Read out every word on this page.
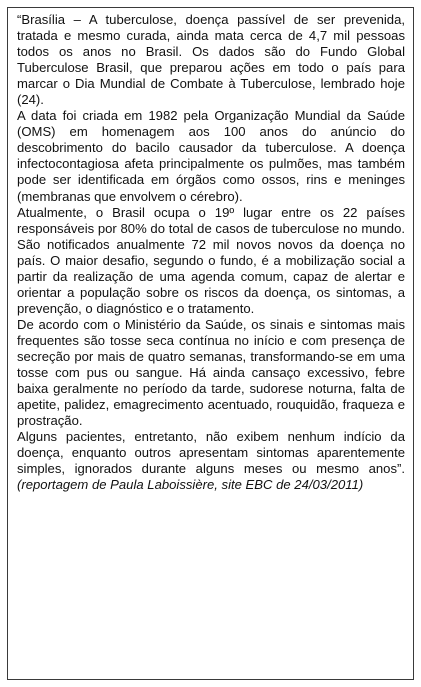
“Brasília – A tuberculose, doença passível de ser prevenida, tratada e mesmo curada, ainda mata cerca de 4,7 mil pessoas todos os anos no Brasil. Os dados são do Fundo Global Tuberculose Brasil, que preparou ações em todo o país para marcar o Dia Mundial de Combate à Tuberculose, lembrado hoje (24).

A data foi criada em 1982 pela Organização Mundial da Saúde (OMS) em homenagem aos 100 anos do anúncio do descobrimento do bacilo causador da tuberculose. A doença infectocontagiosa afeta principalmente os pulmões, mas também pode ser identificada em órgãos como ossos, rins e meninges (membranas que envolvem o cérebro).

Atualmente, o Brasil ocupa o 19º lugar entre os 22 países responsáveis por 80% do total de casos de tuberculose no mundo. São notificados anualmente 72 mil novos novos da doença no país. O maior desafio, segundo o fundo, é a mobilização social a partir da realização de uma agenda comum, capaz de alertar e orientar a população sobre os riscos da doença, os sintomas, a prevenção, o diagnóstico e o tratamento.

De acordo com o Ministério da Saúde, os sinais e sintomas mais frequentes são tosse seca contínua no início e com presença de secreção por mais de quatro semanas, transformando-se em uma tosse com pus ou sangue. Há ainda cansaço excessivo, febre baixa geralmente no período da tarde, sudorese noturna, falta de apetite, palidez, emagrecimento acentuado, rouquidão, fraqueza e prostração.

Alguns pacientes, entretanto, não exibem nenhum indício da doença, enquanto outros apresentam sintomas aparentemente simples, ignorados durante alguns meses ou mesmo anos”. (reportagem de Paula Laboissière, site EBC de 24/03/2011)
